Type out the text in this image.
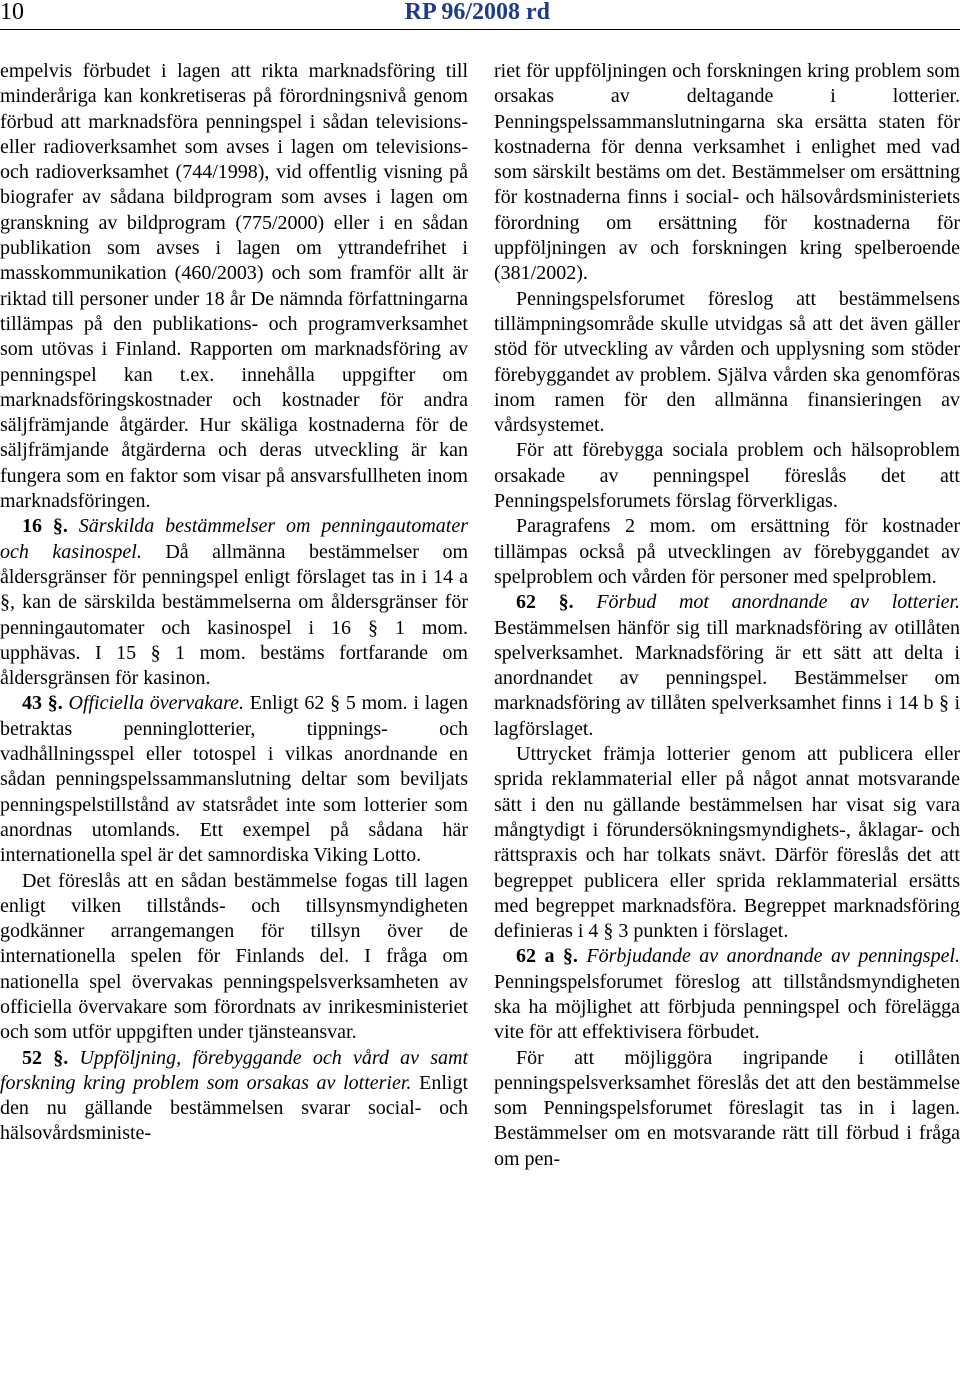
10	RP 96/2008 rd

empelvis förbudet i lagen att rikta marknadsföring till minderåriga kan konkretiseras på förordningsnivå genom förbud att marknadsföra penningspel i sådan televisions- eller radioverksamhet som avses i lagen om televisions- och radioverksamhet (744/1998), vid offentlig visning på biografer av sådana bildprogram som avses i lagen om granskning av bildprogram (775/2000) eller i en sådan publikation som avses i lagen om yttrandefrihet i masskommunikation (460/2003) och som framför allt är riktad till personer under 18 år De nämnda författningarna tillämpas på den publikations- och programverksamhet som utövas i Finland. Rapporten om marknadsföring av penningspel kan t.ex. innehålla uppgifter om marknadsföringskostnader och kostnader för andra säljfrämjande åtgärder. Hur skäliga kostnaderna för de säljfrämjande åtgärderna och deras utveckling är kan fungera som en faktor som visar på ansvarsfullheten inom marknadsföringen.

16 §. Särskilda bestämmelser om penningautomater och kasinospel. Då allmänna bestämmelser om åldersgränser för penningspel enligt förslaget tas in i 14 a §, kan de särskilda bestämmelserna om åldersgränser för penningautomater och kasinospel i 16 § 1 mom. upphävas. I 15 § 1 mom. bestäms fortfarande om åldersgränsen för kasinon.

43 §. Officiella övervakare. Enligt 62 § 5 mom. i lagen betraktas penninglotterier, tippnings- och vadhållningsspel eller totospel i vilkas anordnande en sådan penningspelssammanslutning deltar som beviljats penningspelstillstånd av statsrådet inte som lotterier som anordnas utomlands. Ett exempel på sådana här internationella spel är det samnordiska Viking Lotto.

Det föreslås att en sådan bestämmelse fogas till lagen enligt vilken tillstånds- och tillsynsmyndigheten godkänner arrangemangen för tillsyn över de internationella spelen för Finlands del. I fråga om nationella spel övervakas penningspelsverksamheten av officiella övervakare som förordnats av inrikesministeriet och som utför uppgiften under tjänsteansvar.

52 §. Uppföljning, förebyggande och vård av samt forskning kring problem som orsakas av lotterier. Enligt den nu gällande bestämmelsen svarar social- och hälsovårdsministe-

riet för uppföljningen och forskningen kring problem som orsakas av deltagande i lotterier. Penningspelssammanslutningarna ska ersätta staten för kostnaderna för denna verksamhet i enlighet med vad som särskilt bestäms om det. Bestämmelser om ersättning för kostnaderna finns i social- och hälsovårdsministeriets förordning om ersättning för kostnaderna för uppföljningen av och forskningen kring spelberoende (381/2002).

Penningspelsforumet föreslog att bestämmelsens tillämpningsområde skulle utvidgas så att det även gäller stöd för utveckling av vården och upplysning som stöder förebyggandet av problem. Själva vården ska genomföras inom ramen för den allmänna finansieringen av vårdsystemet.

För att förebygga sociala problem och hälsoproblem orsakade av penningspel föreslås det att Penningspelsforumets förslag förverkligas.

Paragrafens 2 mom. om ersättning för kostnader tillämpas också på utvecklingen av förebyggandet av spelproblem och vården för personer med spelproblem.

62 §. Förbud mot anordnande av lotterier. Bestämmelsen hänför sig till marknadsföring av otillåten spelverksamhet. Marknadsföring är ett sätt att delta i anordnandet av penningspel. Bestämmelser om marknadsföring av tillåten spelverksamhet finns i 14 b § i lagförslaget.

Uttrycket främja lotterier genom att publicera eller sprida reklammaterial eller på något annat motsvarande sätt i den nu gällande bestämmelsen har visat sig vara mångtydigt i förundersökningsmyndighets-, åklagar- och rättspraxis och har tolkats snävt. Därför föreslås det att begreppet publicera eller sprida reklammaterial ersätts med begreppet marknadsföra. Begreppet marknadsföring definieras i 4 § 3 punkten i förslaget.

62 a §. Förbjudande av anordnande av penningspel. Penningspelsforumet föreslog att tillståndsmyndigheten ska ha möjlighet att förbjuda penningspel och förelägga vite för att effektivisera förbudet.

För att möjliggöra ingripande i otillåten penningspelsverksamhet föreslås det att den bestämmelse som Penningspelsforumet föreslagit tas in i lagen. Bestämmelser om en motsvarande rätt till förbud i fråga om pen-
